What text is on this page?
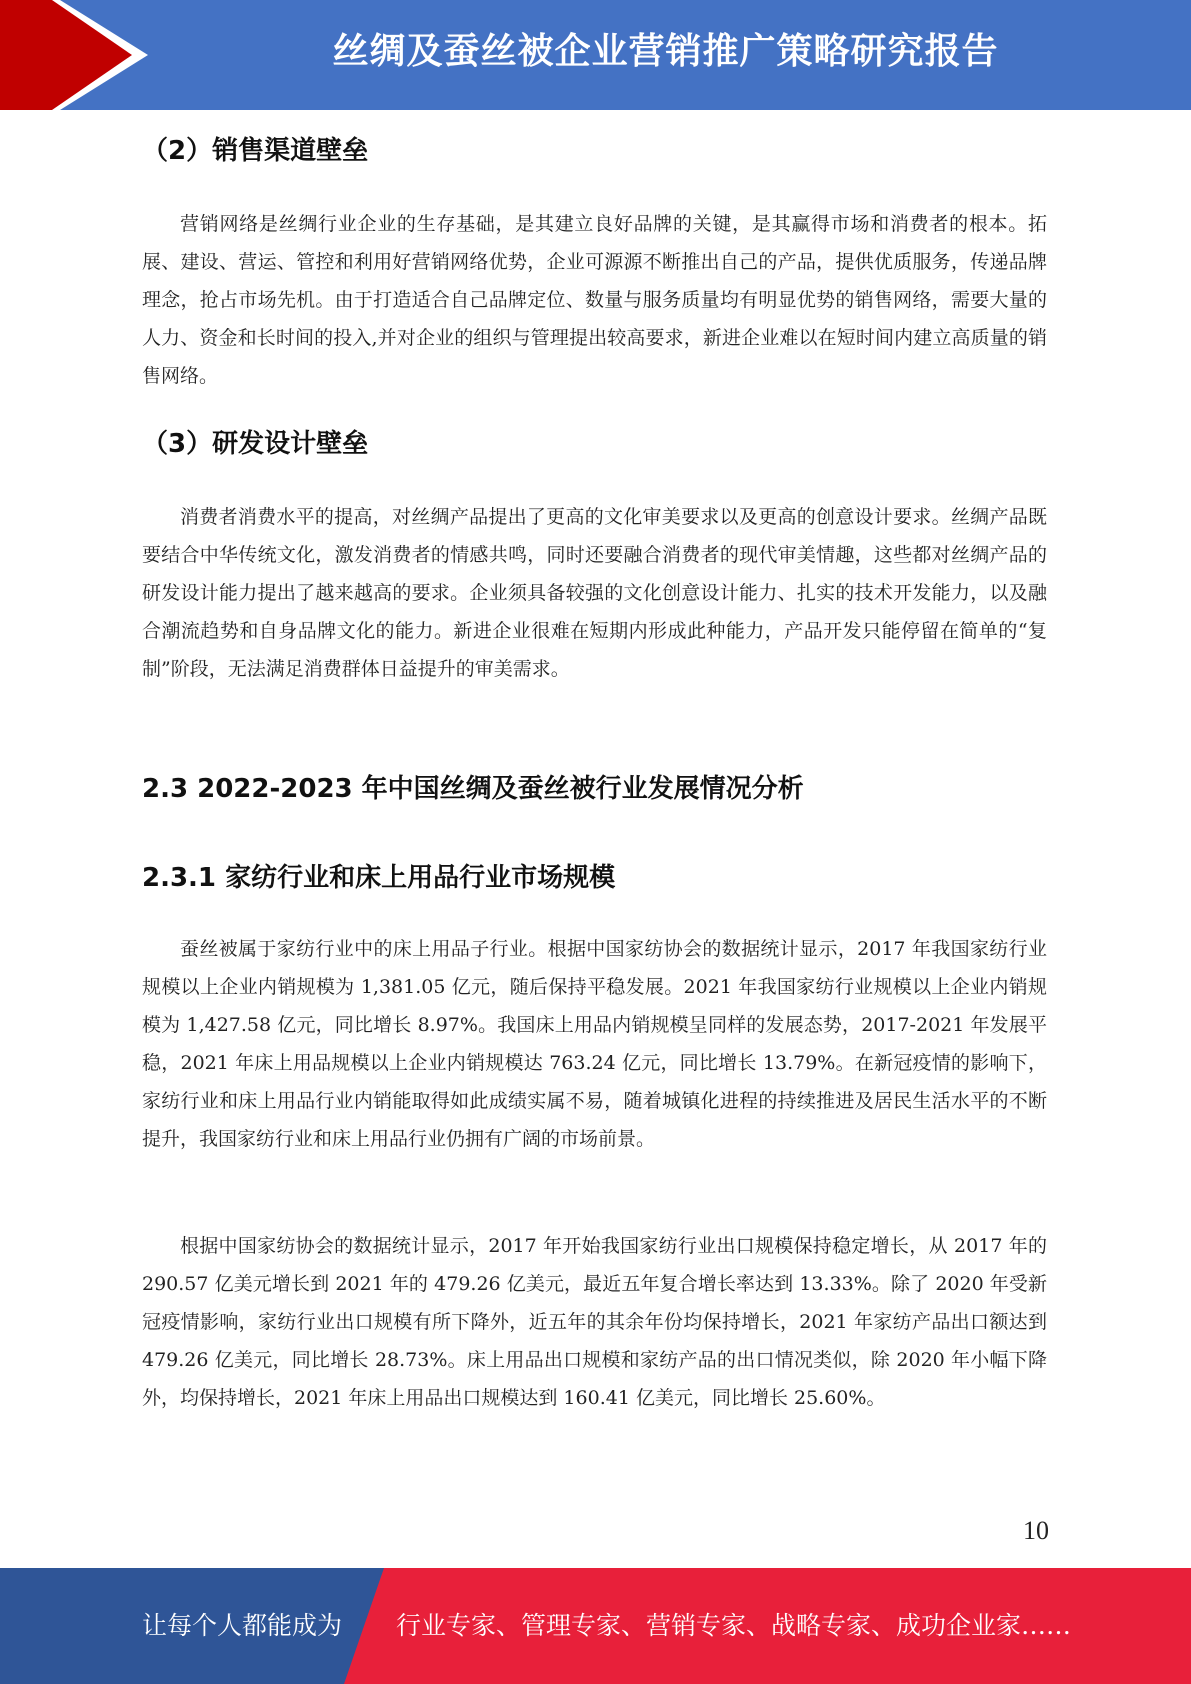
丝绸及蚕丝被企业营销推广策略研究报告
（2）销售渠道壁垒

营销网络是丝绸行业企业的生存基础，是其建立良好品牌的关键，是其赢得市场和消费者的根本。拓展、建设、营运、管控和利用好营销网络优势，企业可源源不断推出自己的产品，提供优质服务，传递品牌理念，抢占市场先机。由于打造适合自己品牌定位、数量与服务质量均有明显优势的销售网络，需要大量的人力、资金和长时间的投入,并对企业的组织与管理提出较高要求，新进企业难以在短时间内建立高质量的销售网络。

（3）研发设计壁垒

消费者消费水平的提高，对丝绸产品提出了更高的文化审美要求以及更高的创意设计要求。丝绸产品既要结合中华传统文化，激发消费者的情感共鸣，同时还要融合消费者的现代审美情趣，这些都对丝绸产品的研发设计能力提出了越来越高的要求。企业须具备较强的文化创意设计能力、扎实的技术开发能力，以及融合潮流趋势和自身品牌文化的能力。新进企业很难在短期内形成此种能力，产品开发只能停留在简单的“复制”阶段，无法满足消费群体日益提升的审美需求。

2.3 2022-2023 年中国丝绸及蚕丝被行业发展情况分析
2.3.1 家纺行业和床上用品行业市场规模

蚕丝被属于家纺行业中的床上用品子行业。根据中国家纺协会的数据统计显示，2017 年我国家纺行业规模以上企业内销规模为 1,381.05 亿元，随后保持平稳发展。2021 年我国家纺行业规模以上企业内销规模为 1,427.58 亿元，同比增长 8.97%。我国床上用品内销规模呈同样的发展态势，2017-2021 年发展平稳，2021 年床上用品规模以上企业内销规模达 763.24 亿元，同比增长 13.79%。在新冠疫情的影响下，家纺行业和床上用品行业内销能取得如此成绩实属不易，随着城镇化进程的持续推进及居民生活水平的不断提升，我国家纺行业和床上用品行业仍拥有广阔的市场前景。

根据中国家纺协会的数据统计显示，2017 年开始我国家纺行业出口规模保持稳定增长，从 2017 年的 290.57 亿美元增长到 2021 年的 479.26 亿美元，最近五年复合增长率达到 13.33%。除了 2020 年受新冠疫情影响，家纺行业出口规模有所下降外，近五年的其余年份均保持增长，2021 年家纺产品出口额达到 479.26 亿美元，同比增长 28.73%。床上用品出口规模和家纺产品的出口情况类似，除 2020 年小幅下降外，均保持增长，2021 年床上用品出口规模达到 160.41 亿美元，同比增长 25.60%。

10
让每个人都能成为 行业专家、管理专家、营销专家、战略专家、成功企业家……
